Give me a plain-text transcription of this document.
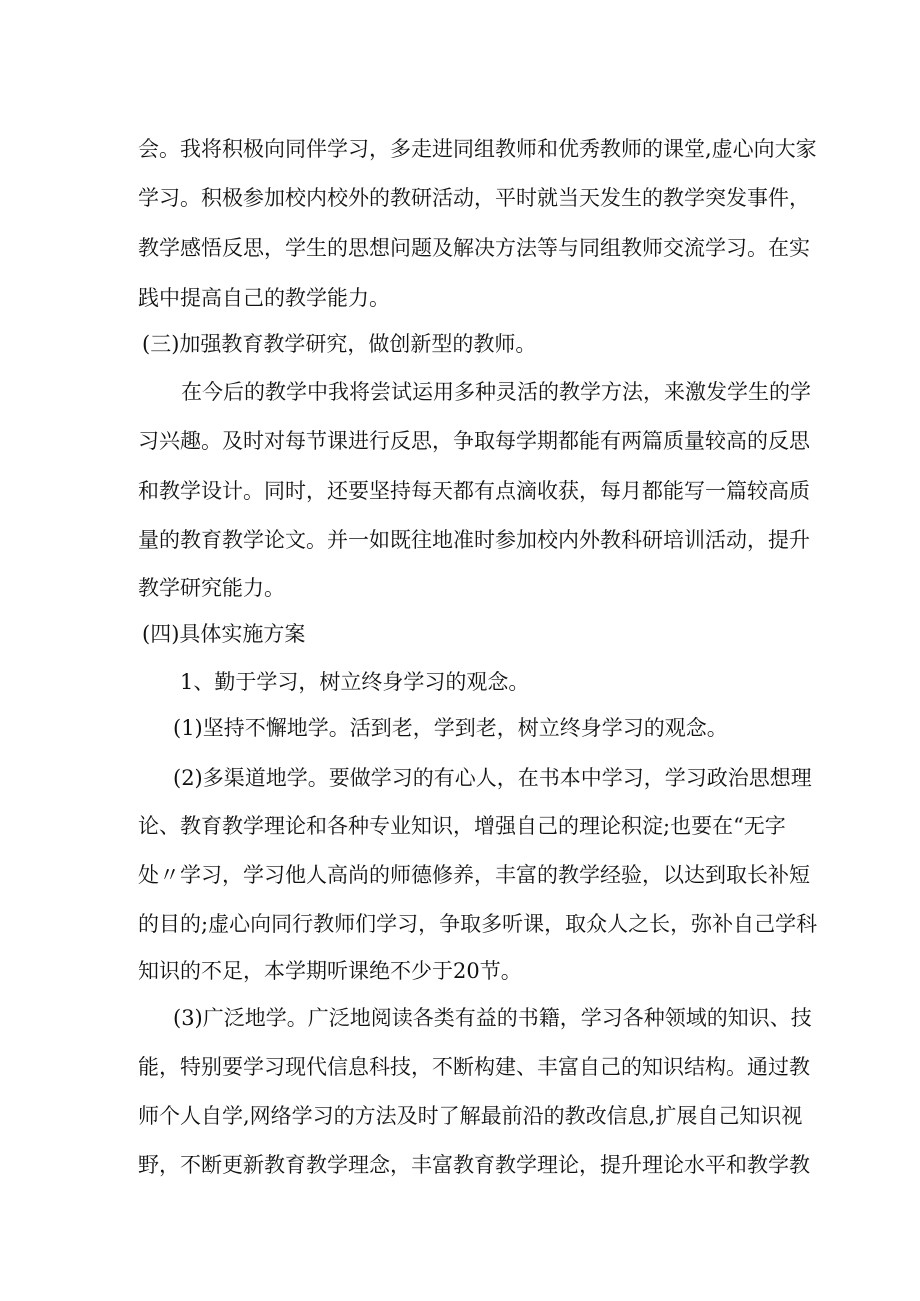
会。我将积极向同伴学习，多走进同组教师和优秀教师的课堂,虚心向大家
学习。积极参加校内校外的教研活动，平时就当天发生的教学突发事件，
教学感悟反思，学生的思想问题及解决方法等与同组教师交流学习。在实
践中提高自己的教学能力。
(三)加强教育教学研究，做创新型的教师。
在今后的教学中我将尝试运用多种灵活的教学方法，来激发学生的学
习兴趣。及时对每节课进行反思，争取每学期都能有两篇质量较高的反思
和教学设计。同时，还要坚持每天都有点滴收获，每月都能写一篇较高质
量的教育教学论文。并一如既往地准时参加校内外教科研培训活动，提升
教学研究能力。
(四)具体实施方案
1、勤于学习，树立终身学习的观念。
(1)坚持不懈地学。活到老，学到老，树立终身学习的观念。
(2)多渠道地学。要做学习的有心人，在书本中学习，学习政治思想理
论、教育教学理论和各种专业知识，增强自己的理论积淀;也要在“无字
处〃学习，学习他人高尚的师德修养，丰富的教学经验，以达到取长补短
的目的;虚心向同行教师们学习，争取多听课，取众人之长，弥补自己学科
知识的不足，本学期听课绝不少于20节。
(3)广泛地学。广泛地阅读各类有益的书籍，学习各种领域的知识、技
能，特别要学习现代信息科技，不断构建、丰富自己的知识结构。通过教
师个人自学,网络学习的方法及时了解最前沿的教改信息,扩展自己知识视
野，不断更新教育教学理念，丰富教育教学理论，提升理论水平和教学教
